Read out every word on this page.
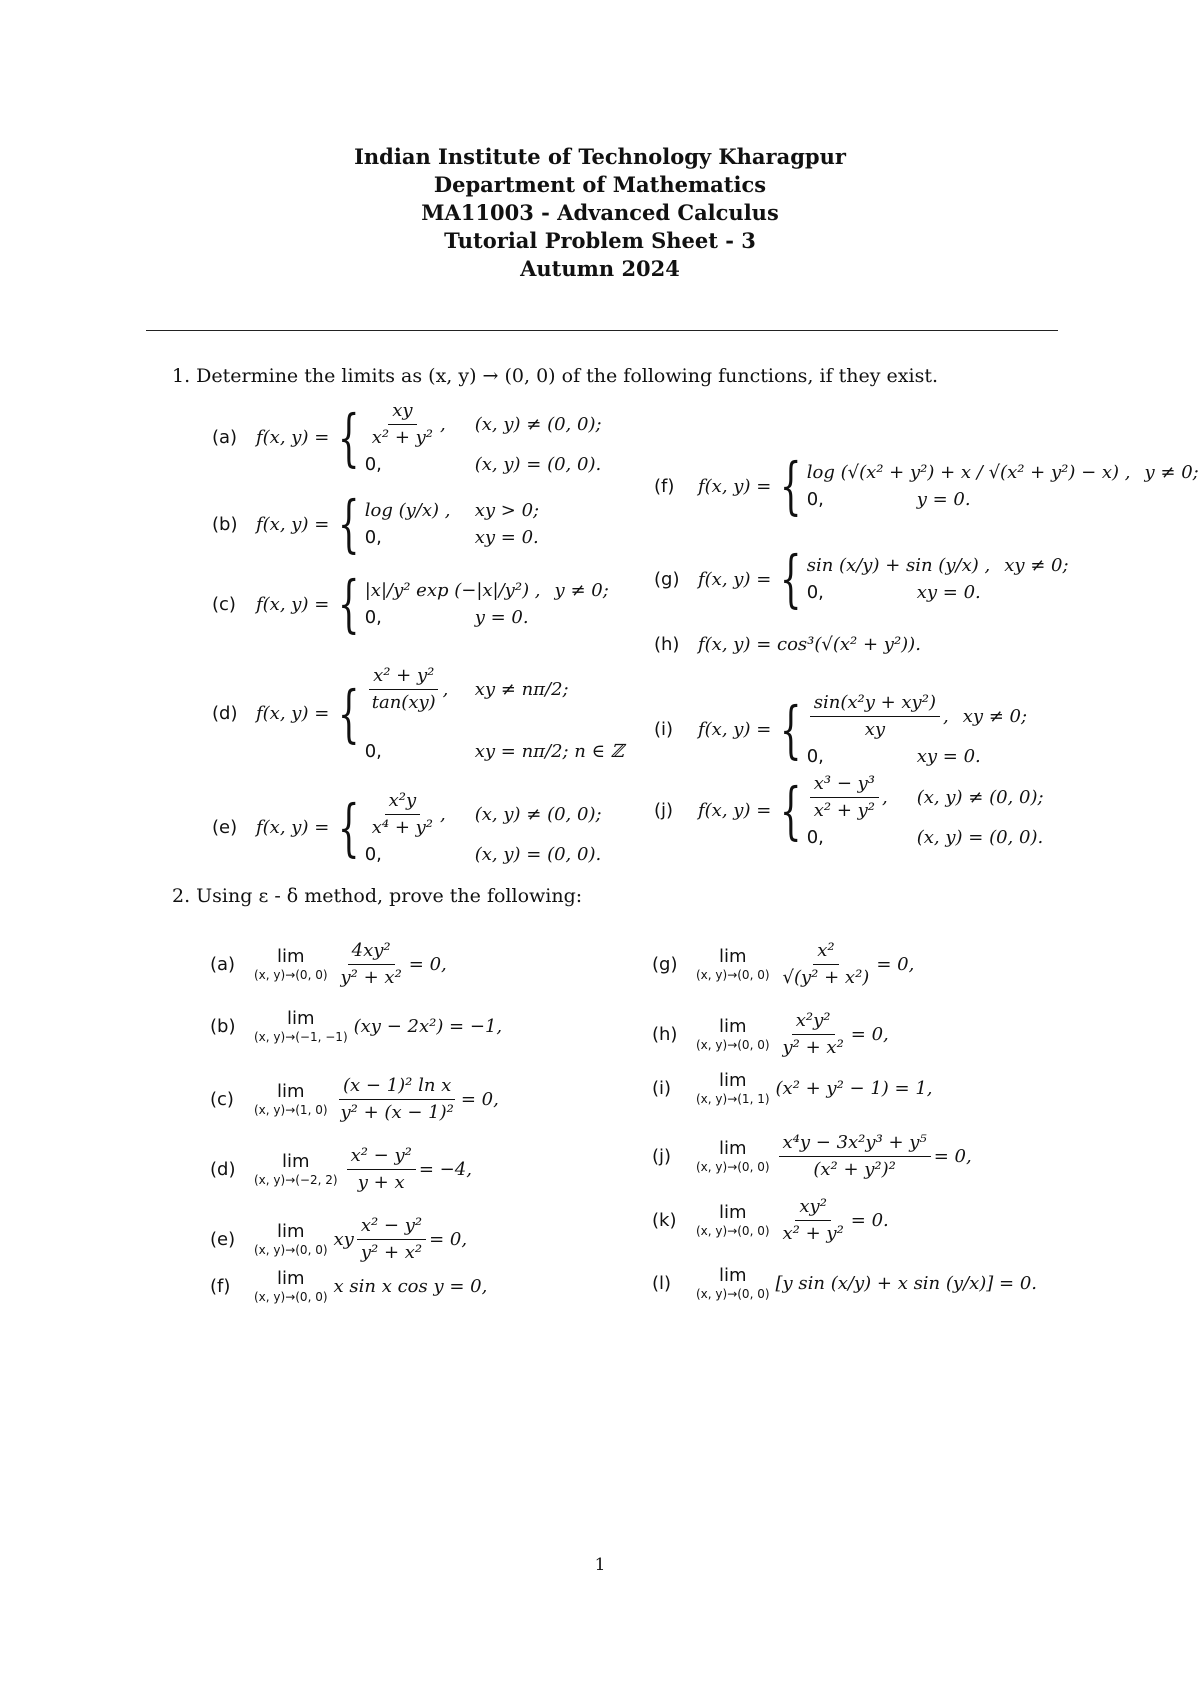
Indian Institute of Technology Kharagpur
Department of Mathematics
MA11003 - Advanced Calculus
Tutorial Problem Sheet - 3
Autumn 2024
1. Determine the limits as (x, y) → (0, 0) of the following functions, if they exist.
(a)	f(x, y) = { $\frac{xy}{\text{x² + y²}}$ ,	(x, y) ≠ (0, 0);
0,	(x, y) = (0, 0).
(b)	f(x, y) = { log (y/x) ,	xy > 0;
0,	xy = 0.
(c)	f(x, y) = { |x|/y² exp (−|x|/y²) , y ≠ 0;
0,	y = 0.
(d)	f(x, y) = { $\frac{\text{x² + y²}}{\tan(xy)}$ ,	xy ≠ nπ/2;
0,	xy = nπ/2; n ∈ ℤ
(e)	f(x, y) = { $\frac{\text{x²y}}{\text{x⁴ + y²}}$ ,	(x, y) ≠ (0, 0);
0,	(x, y) = (0, 0).
(f)	f(x, y) = { log (√(x² + y²) + x / √(x² + y²) − x) , y ≠ 0;
0,	y = 0.
(g)	f(x, y) = { sin (x/y) + sin (y/x) , xy ≠ 0;
0,	xy = 0.
(h)	f(x, y) = cos³(√(x² + y²)).
(i)	f(x, y) = { $\frac{\text{sin(x²y + xy²)}}{xy}$ , xy ≠ 0;
0,	xy = 0.
(j)	f(x, y) = { $\frac{\text{x³ − y³}}{\text{x² + y²}}$ ,	(x, y) ≠ (0, 0);
0,	(x, y) = (0, 0).
2. Using ε - δ method, prove the following:
(a)	lim
(x, y)→(0, $0) \frac{\text{4xy²}}{\text{y² + x²}} = 0$,
(b)	lim
(x, y)→(−1, −1)
(xy − 2x²) = −1,
(c)	lim
(x, y)→(1, $0) \frac{\text{(x − 1)² ln x}}{\text{y² + (x − 1)²}} = 0$,
(d)	lim
(x, y)→(−2, $2) \frac{\text{x² − y²}}{y + x} = -4$,
(e)	lim
(x, y)→(0, 0)
xy $\frac{\text{x² − y²}}{\text{y² + x²}} = 0$,
(f)	lim
(x, y)→(0, 0)
x sin x cos y = 0,
(g)	lim
(x, y)→(0, $0) \frac{\text{x²}}{\text{√(y² + x²)}} = 0$,
(h)	lim
(x, y)→(0, $0) \frac{\text{x²y²}}{\text{y² + x²}} = 0$,
(i)	lim
(x, y)→(1, 1)
(x² + y² − 1) = 1,
(j)	lim
(x, y)→(0, $0) \frac{\text{x⁴y − 3x²y³ + y⁵}}{\text{(x² + y²)²}} = 0$,
(k)	lim
(x, y)→(0, $0) \frac{\text{xy²}}{\text{x² + y²}} = 0$.
(l)	lim
(x, y)→(0, 0)
[y sin (x/y) + x sin (y/x)] = 0.
1
